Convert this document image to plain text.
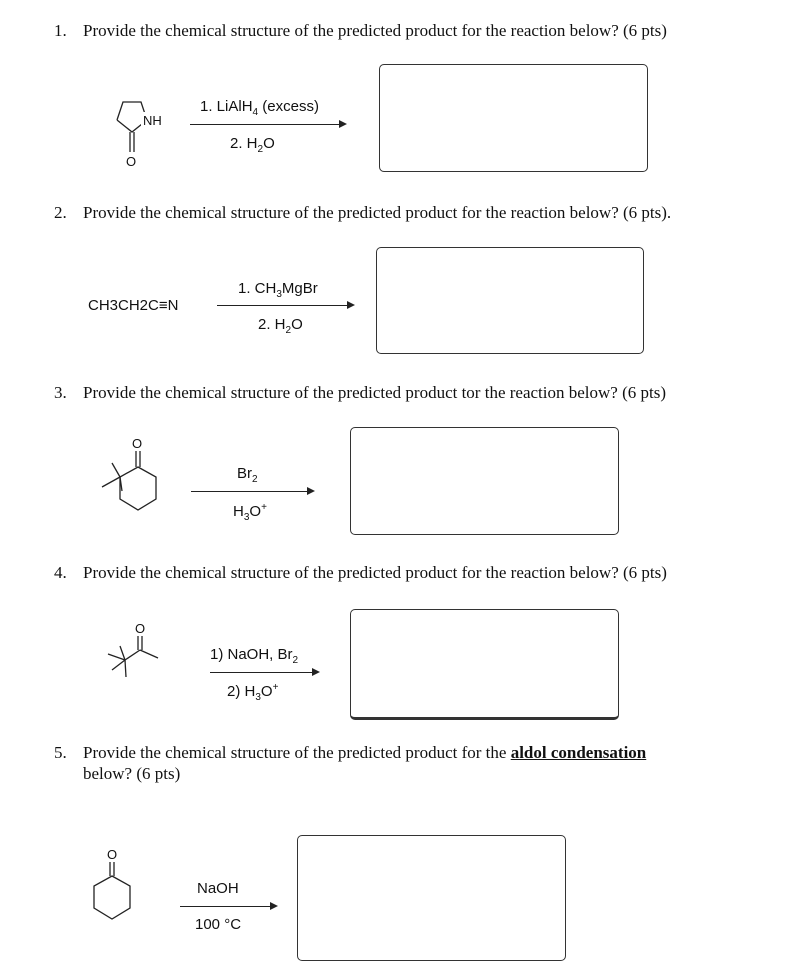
1. Provide the chemical structure of the predicted product for the reaction below? (6 pts)
NH
O
1. LiAlH$_4$ (excess)
2. $H_2O$
2. Provide the chemical structure of the predicted product for the reaction below? (6 pts).
CH3CH2C≡N
1. $CH_3MgBr$
2. $H_2O$
3. Provide the chemical structure of the predicted product tor the reaction below? (6 pts)
O
$Br_2$
$H_3O^+$
4. Provide the chemical structure of the predicted product for the reaction below? (6 pts)
O
1) NaOH, $Br_2$
2) $H_3O^+$
5. Provide the chemical structure of the predicted product for the aldol condensation
below? (6 pts)
O
NaOH
100 °C
